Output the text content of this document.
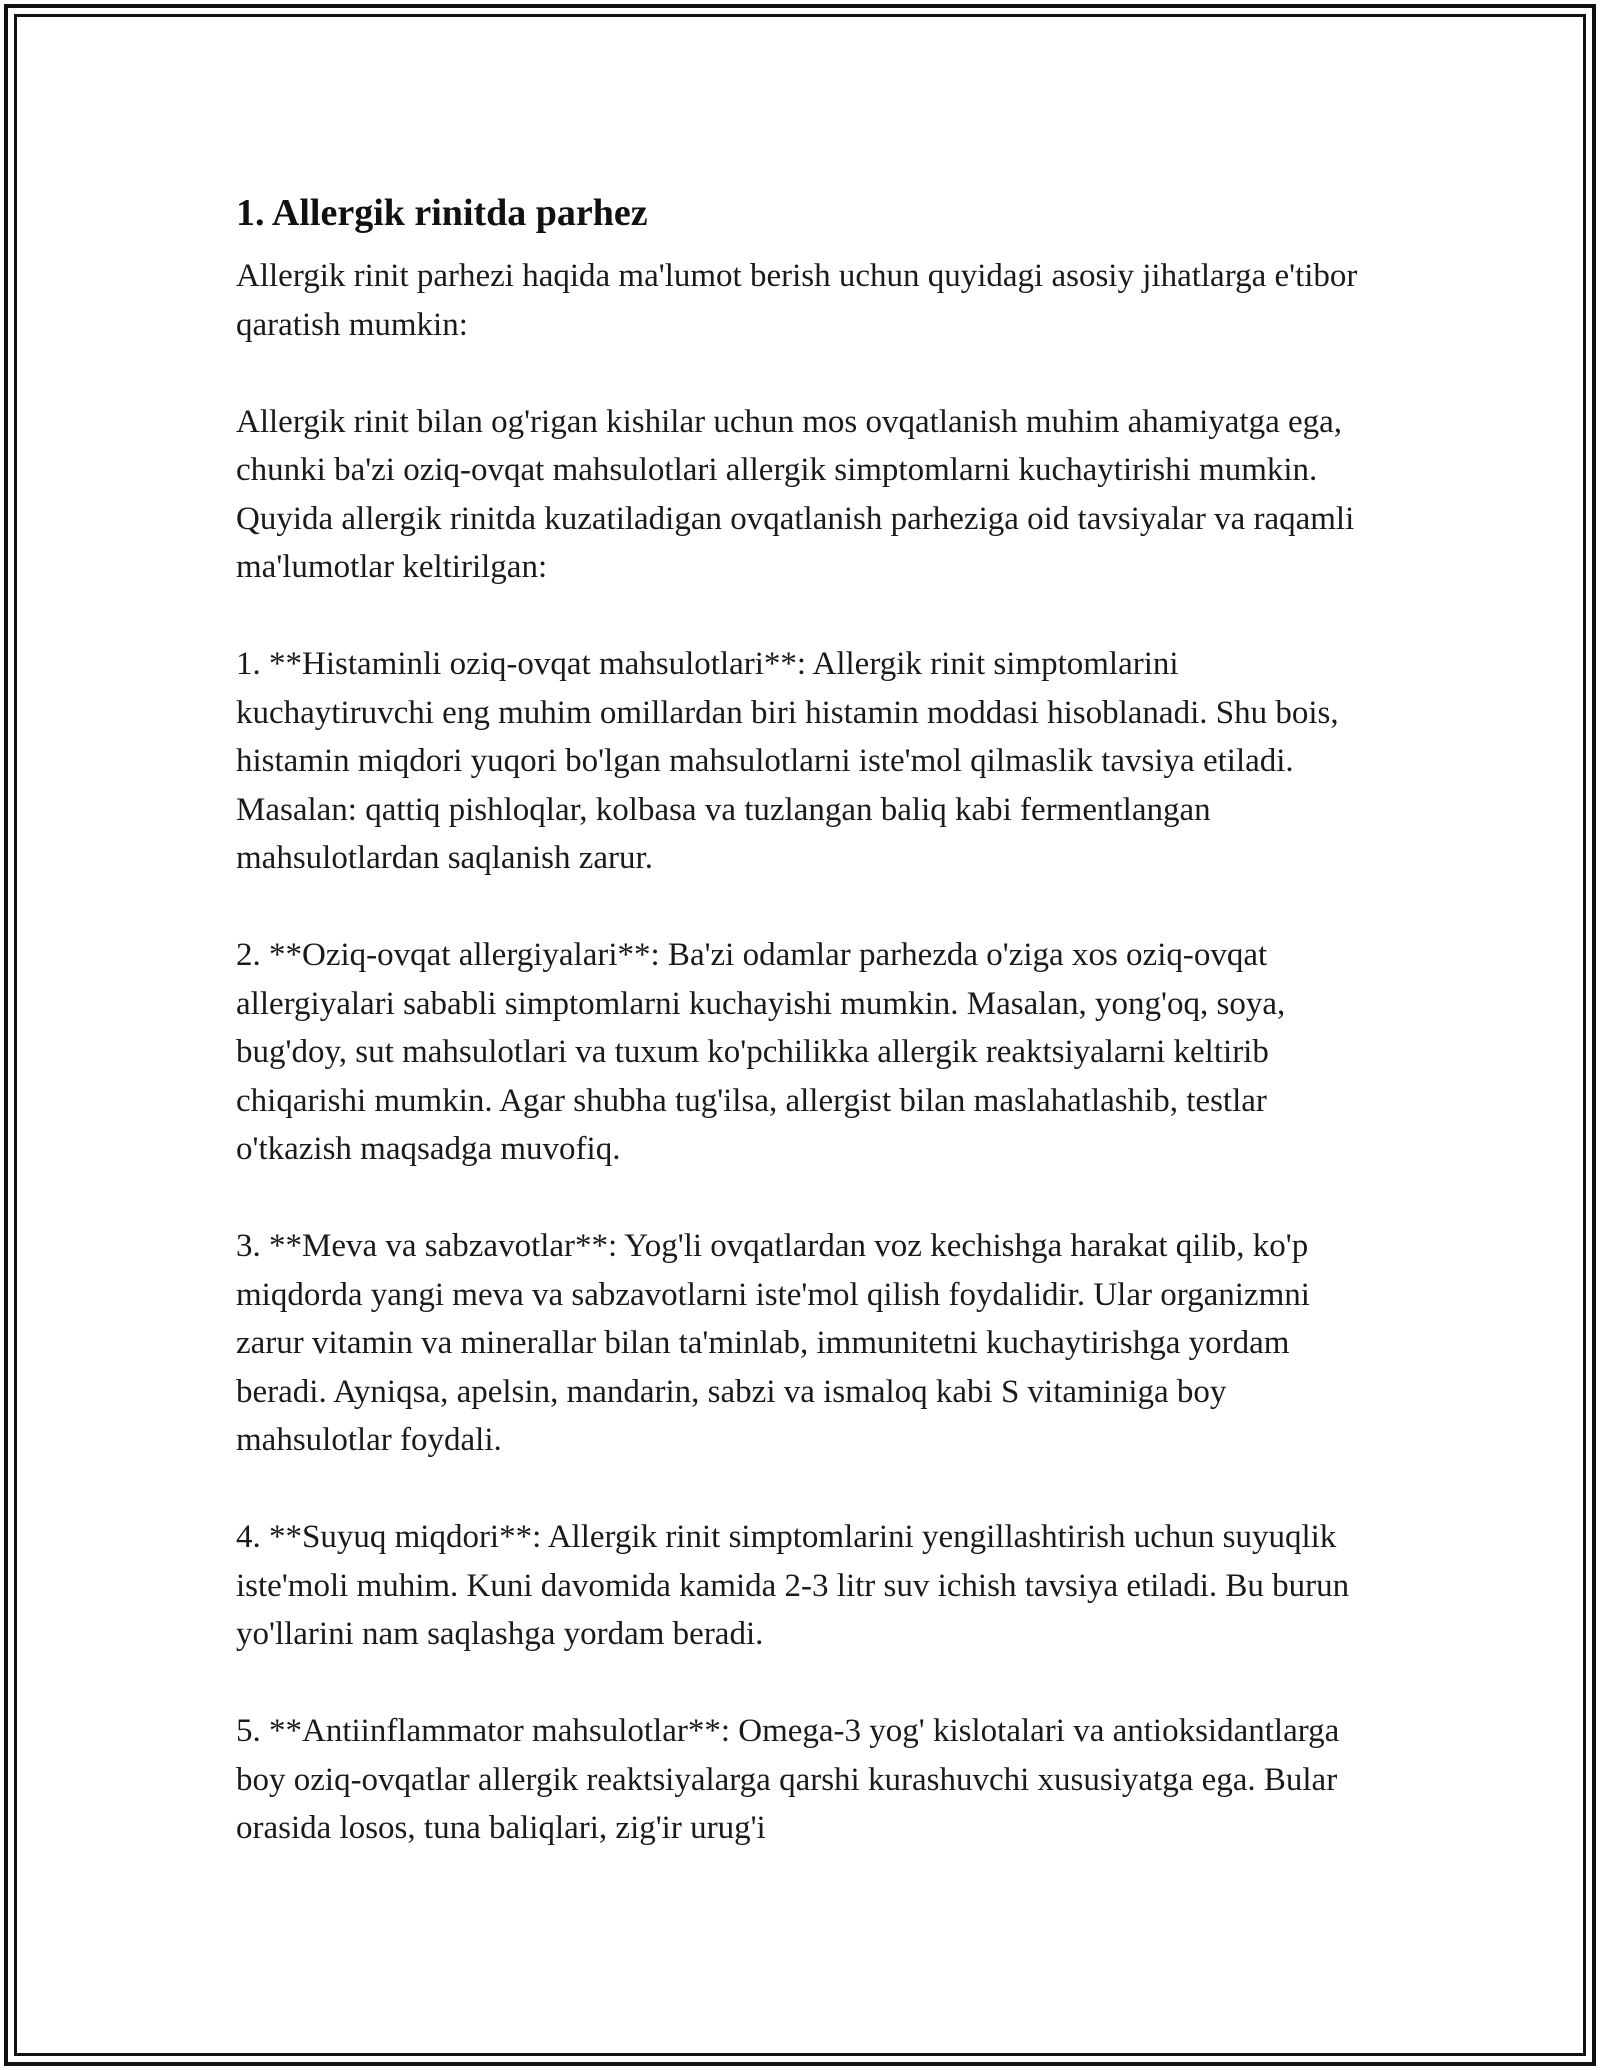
1. Allergik rinitda parhez

Allergik rinit parhezi haqida ma'lumot berish uchun quyidagi asosiy jihatlarga e'tibor qaratish mumkin:

Allergik rinit bilan og'rigan kishilar uchun mos ovqatlanish muhim ahamiyatga ega, chunki ba'zi oziq-ovqat mahsulotlari allergik simptomlarni kuchaytirishi mumkin. Quyida allergik rinitda kuzatiladigan ovqatlanish parheziga oid tavsiyalar va raqamli ma'lumotlar keltirilgan:

1. **Histaminli oziq-ovqat mahsulotlari**: Allergik rinit simptomlarini kuchaytiruvchi eng muhim omillardan biri histamin moddasi hisoblanadi. Shu bois, histamin miqdori yuqori bo'lgan mahsulotlarni iste'mol qilmaslik tavsiya etiladi. Masalan: qattiq pishloqlar, kolbasa va tuzlangan baliq kabi fermentlangan mahsulotlardan saqlanish zarur.

2. **Oziq-ovqat allergiyalari**: Ba'zi odamlar parhezda o'ziga xos oziq-ovqat allergiyalari sababli simptomlarni kuchayishi mumkin. Masalan, yong'oq, soya, bug'doy, sut mahsulotlari va tuxum ko'pchilikka allergik reaktsiyalarni keltirib chiqarishi mumkin. Agar shubha tug'ilsa, allergist bilan maslahatlashib, testlar o'tkazish maqsadga muvofiq.

3. **Meva va sabzavotlar**: Yog'li ovqatlardan voz kechishga harakat qilib, ko'p miqdorda yangi meva va sabzavotlarni iste'mol qilish foydalidir. Ular organizmni zarur vitamin va minerallar bilan ta'minlab, immunitetni kuchaytirishga yordam beradi. Ayniqsa, apelsin, mandarin, sabzi va ismaloq kabi S vitaminiga boy mahsulotlar foydali.

4. **Suyuq miqdori**: Allergik rinit simptomlarini yengillashtirish uchun suyuqlik iste'moli muhim. Kuni davomida kamida 2-3 litr suv ichish tavsiya etiladi. Bu burun yo'llarini nam saqlashga yordam beradi.

5. **Antiinflammator mahsulotlar**: Omega-3 yog' kislotalari va antioksidantlarga boy oziq-ovqatlar allergik reaktsiyalarga qarshi kurashuvchi xususiyatga ega. Bular orasida losos, tuna baliqlari, zig'ir urug'i
